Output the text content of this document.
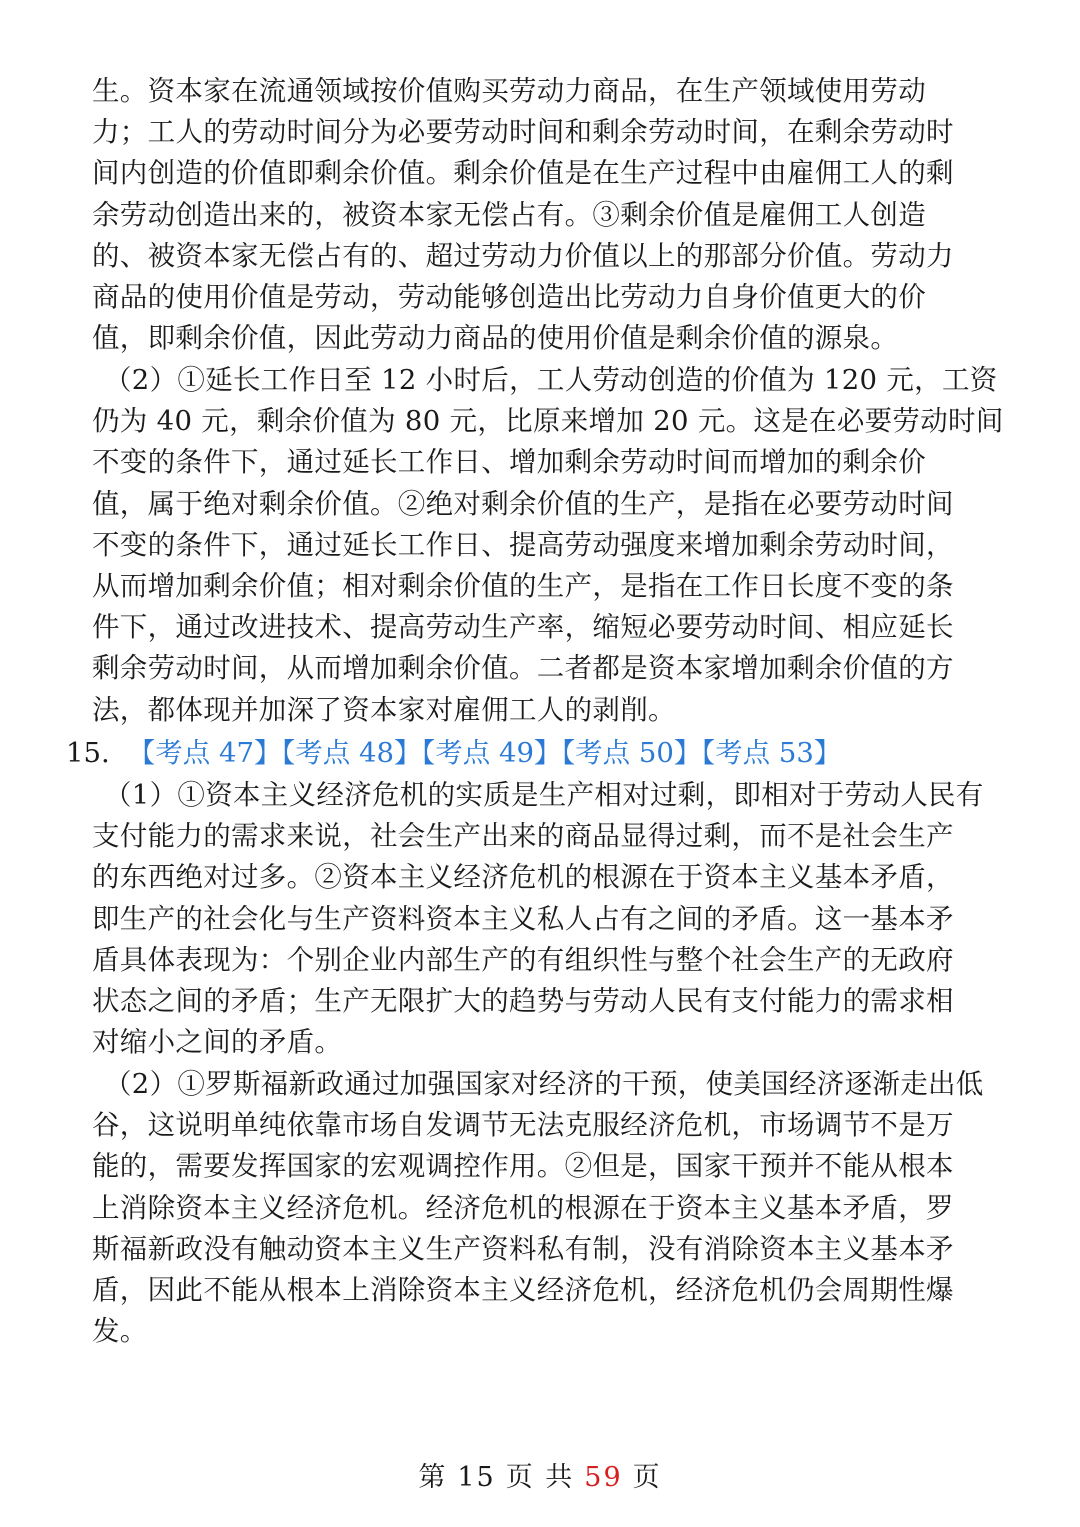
生。资本家在流通领域按价值购买劳动力商品，在生产领域使用劳动
力；工人的劳动时间分为必要劳动时间和剩余劳动时间，在剩余劳动时
间内创造的价值即剩余价值。剩余价值是在生产过程中由雇佣工人的剩
余劳动创造出来的，被资本家无偿占有。③剩余价值是雇佣工人创造
的、被资本家无偿占有的、超过劳动力价值以上的那部分价值。劳动力
商品的使用价值是劳动，劳动能够创造出比劳动力自身价值更大的价
值，即剩余价值，因此劳动力商品的使用价值是剩余价值的源泉。
（2）①延长工作日至 12 小时后，工人劳动创造的价值为 120 元，工资
仍为 40 元，剩余价值为 80 元，比原来增加 20 元。这是在必要劳动时间
不变的条件下，通过延长工作日、增加剩余劳动时间而增加的剩余价
值，属于绝对剩余价值。②绝对剩余价值的生产，是指在必要劳动时间
不变的条件下，通过延长工作日、提高劳动强度来增加剩余劳动时间，
从而增加剩余价值；相对剩余价值的生产，是指在工作日长度不变的条
件下，通过改进技术、提高劳动生产率，缩短必要劳动时间、相应延长
剩余劳动时间，从而增加剩余价值。二者都是资本家增加剩余价值的方
法，都体现并加深了资本家对雇佣工人的剥削。
15. 【考点 47】【考点 48】【考点 49】【考点 50】【考点 53】
（1）①资本主义经济危机的实质是生产相对过剩，即相对于劳动人民有
支付能力的需求来说，社会生产出来的商品显得过剩，而不是社会生产
的东西绝对过多。②资本主义经济危机的根源在于资本主义基本矛盾，
即生产的社会化与生产资料资本主义私人占有之间的矛盾。这一基本矛
盾具体表现为：个别企业内部生产的有组织性与整个社会生产的无政府
状态之间的矛盾；生产无限扩大的趋势与劳动人民有支付能力的需求相
对缩小之间的矛盾。
（2）①罗斯福新政通过加强国家对经济的干预，使美国经济逐渐走出低
谷，这说明单纯依靠市场自发调节无法克服经济危机，市场调节不是万
能的，需要发挥国家的宏观调控作用。②但是，国家干预并不能从根本
上消除资本主义经济危机。经济危机的根源在于资本主义基本矛盾，罗
斯福新政没有触动资本主义生产资料私有制，没有消除资本主义基本矛
盾，因此不能从根本上消除资本主义经济危机，经济危机仍会周期性爆
发。
第 15 页 共 59 页
